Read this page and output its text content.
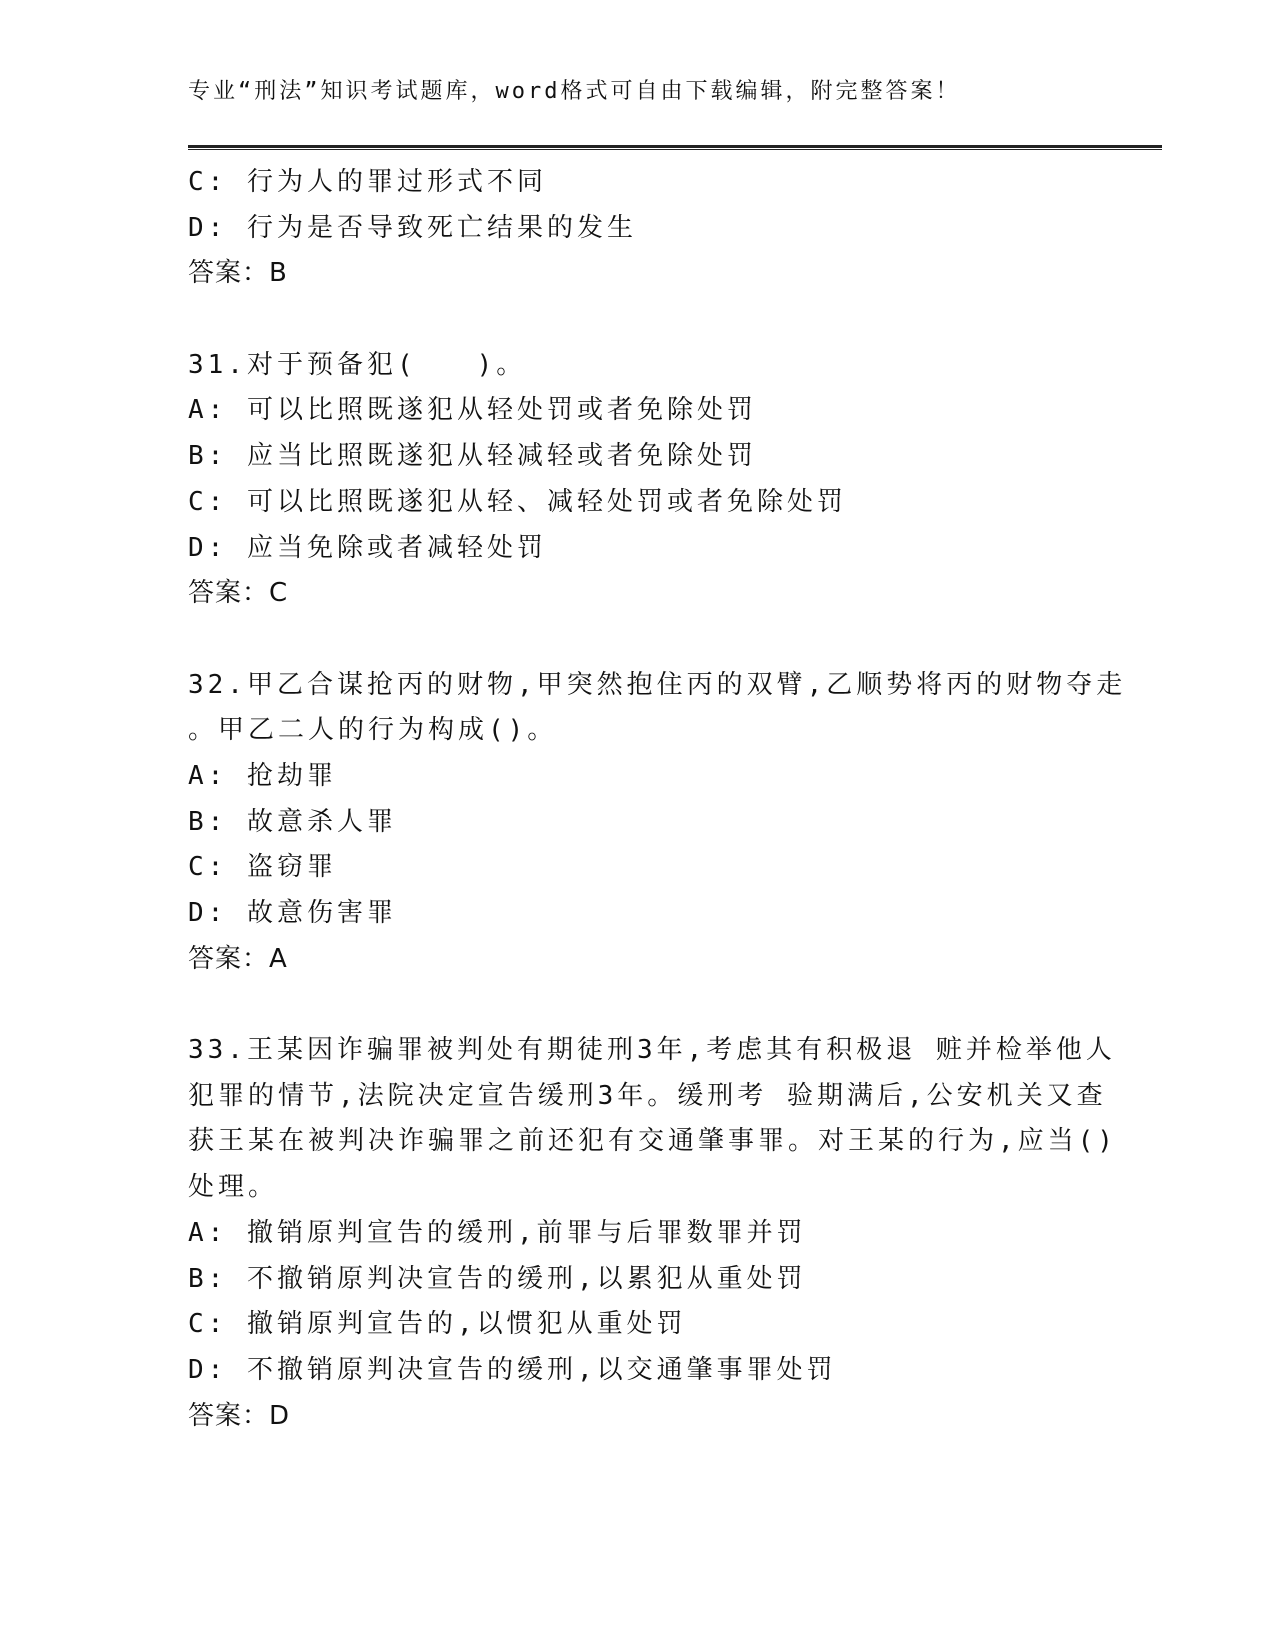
专业“刑法”知识考试题库，word格式可自由下载编辑，附完整答案！
C: 行为人的罪过形式不同
D: 行为是否导致死亡结果的发生
答案：B
31.对于预备犯(　　)。
A: 可以比照既遂犯从轻处罚或者免除处罚
B: 应当比照既遂犯从轻减轻或者免除处罚
C: 可以比照既遂犯从轻、减轻处罚或者免除处罚
D: 应当免除或者减轻处罚
答案：C
32.甲乙合谋抢丙的财物,甲突然抱住丙的双臂,乙顺势将丙的财物夺走
。甲乙二人的行为构成()。
A: 抢劫罪
B: 故意杀人罪
C: 盗窃罪
D: 故意伤害罪
答案：A
33.王某因诈骗罪被判处有期徒刑3年,考虑其有积极退 赃并检举他人
犯罪的情节,法院决定宣告缓刑3年。缓刑考 验期满后,公安机关又查
获王某在被判决诈骗罪之前还犯有交通肇事罪。对王某的行为,应当()
处理。
A: 撤销原判宣告的缓刑,前罪与后罪数罪并罚
B: 不撤销原判决宣告的缓刑,以累犯从重处罚
C: 撤销原判宣告的,以惯犯从重处罚
D: 不撤销原判决宣告的缓刑,以交通肇事罪处罚
答案：D
